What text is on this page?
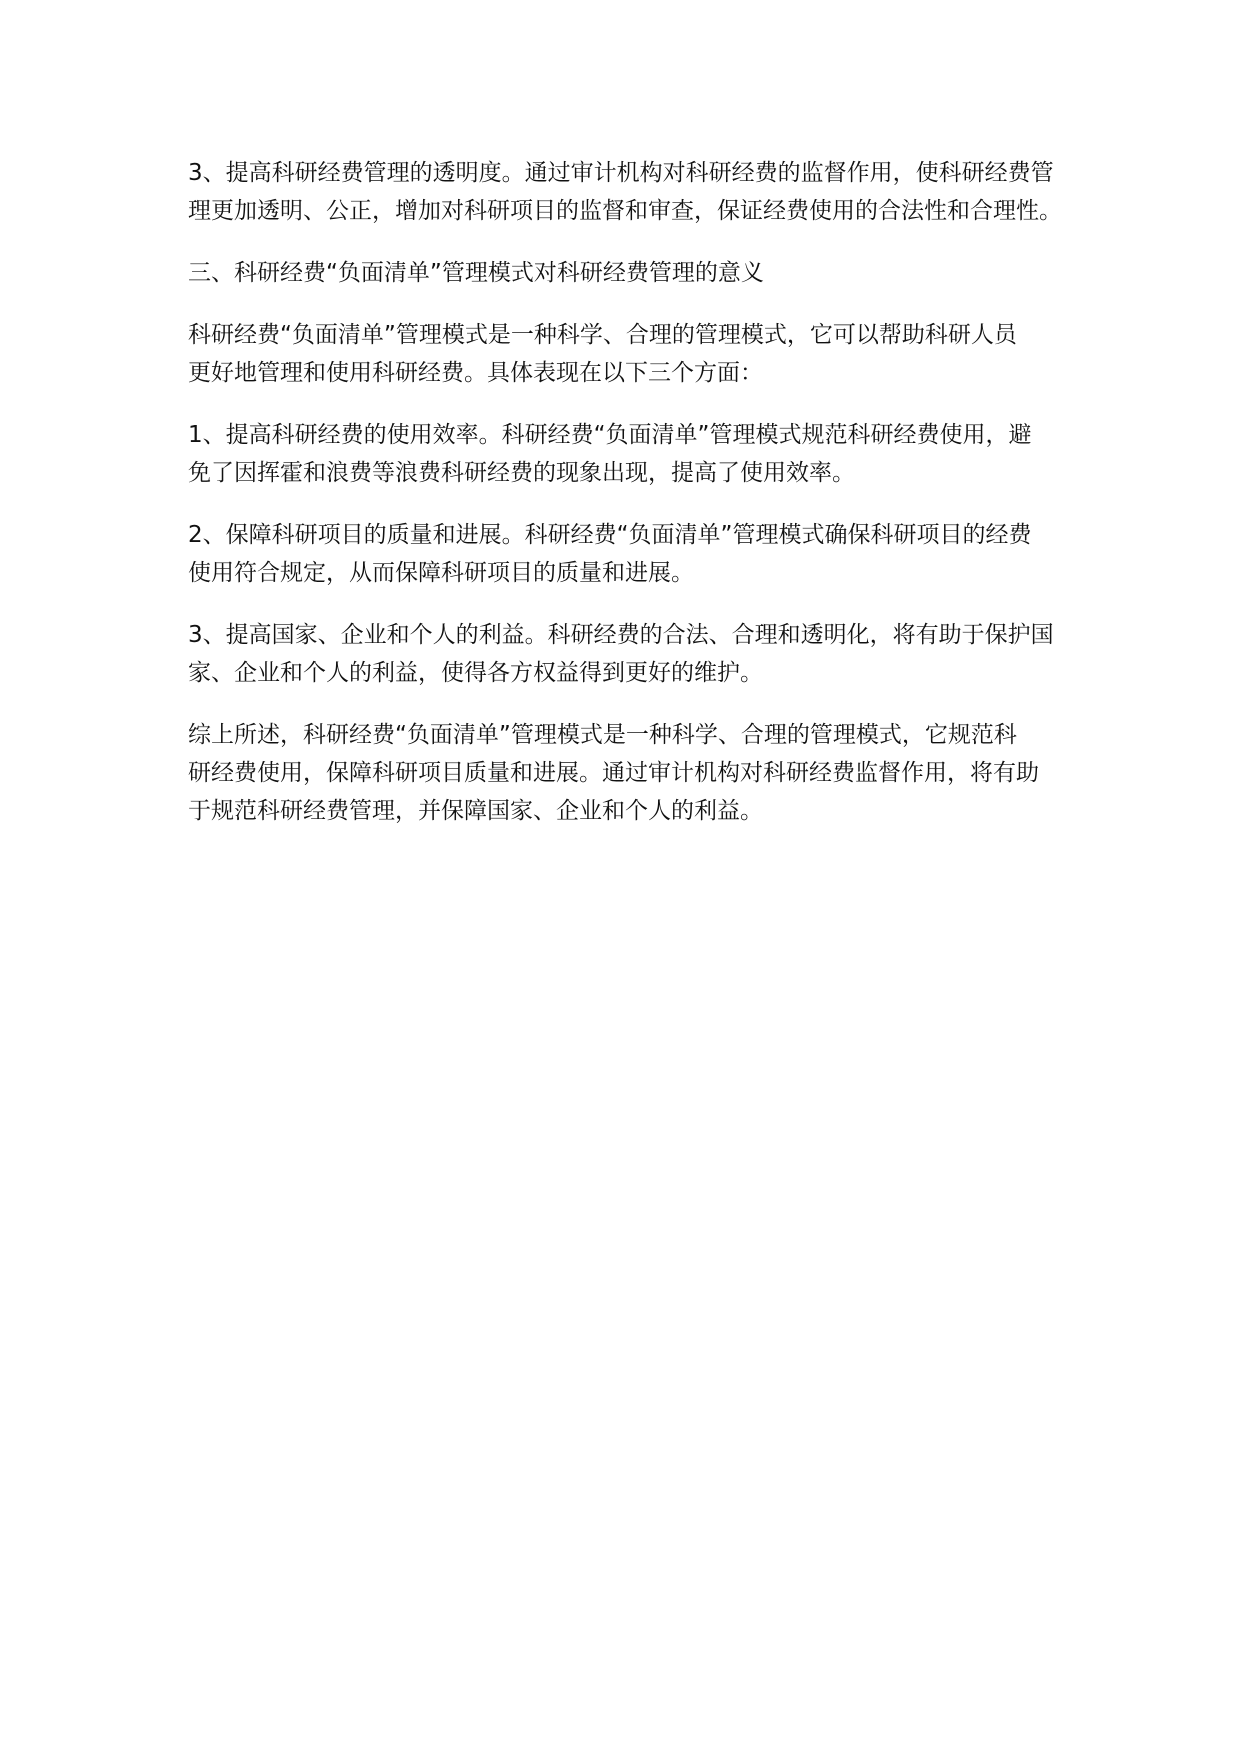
3、提高科研经费管理的透明度。通过审计机构对科研经费的监督作用，使科研经费管
理更加透明、公正，增加对科研项目的监督和审查，保证经费使用的合法性和合理性。

三、科研经费“负面清单”管理模式对科研经费管理的意义

科研经费“负面清单”管理模式是一种科学、合理的管理模式，它可以帮助科研人员
更好地管理和使用科研经费。具体表现在以下三个方面：

1、提高科研经费的使用效率。科研经费“负面清单”管理模式规范科研经费使用，避
免了因挥霍和浪费等浪费科研经费的现象出现，提高了使用效率。

2、保障科研项目的质量和进展。科研经费“负面清单”管理模式确保科研项目的经费
使用符合规定，从而保障科研项目的质量和进展。

3、提高国家、企业和个人的利益。科研经费的合法、合理和透明化，将有助于保护国
家、企业和个人的利益，使得各方权益得到更好的维护。

综上所述，科研经费“负面清单”管理模式是一种科学、合理的管理模式，它规范科
研经费使用，保障科研项目质量和进展。通过审计机构对科研经费监督作用，将有助
于规范科研经费管理，并保障国家、企业和个人的利益。
